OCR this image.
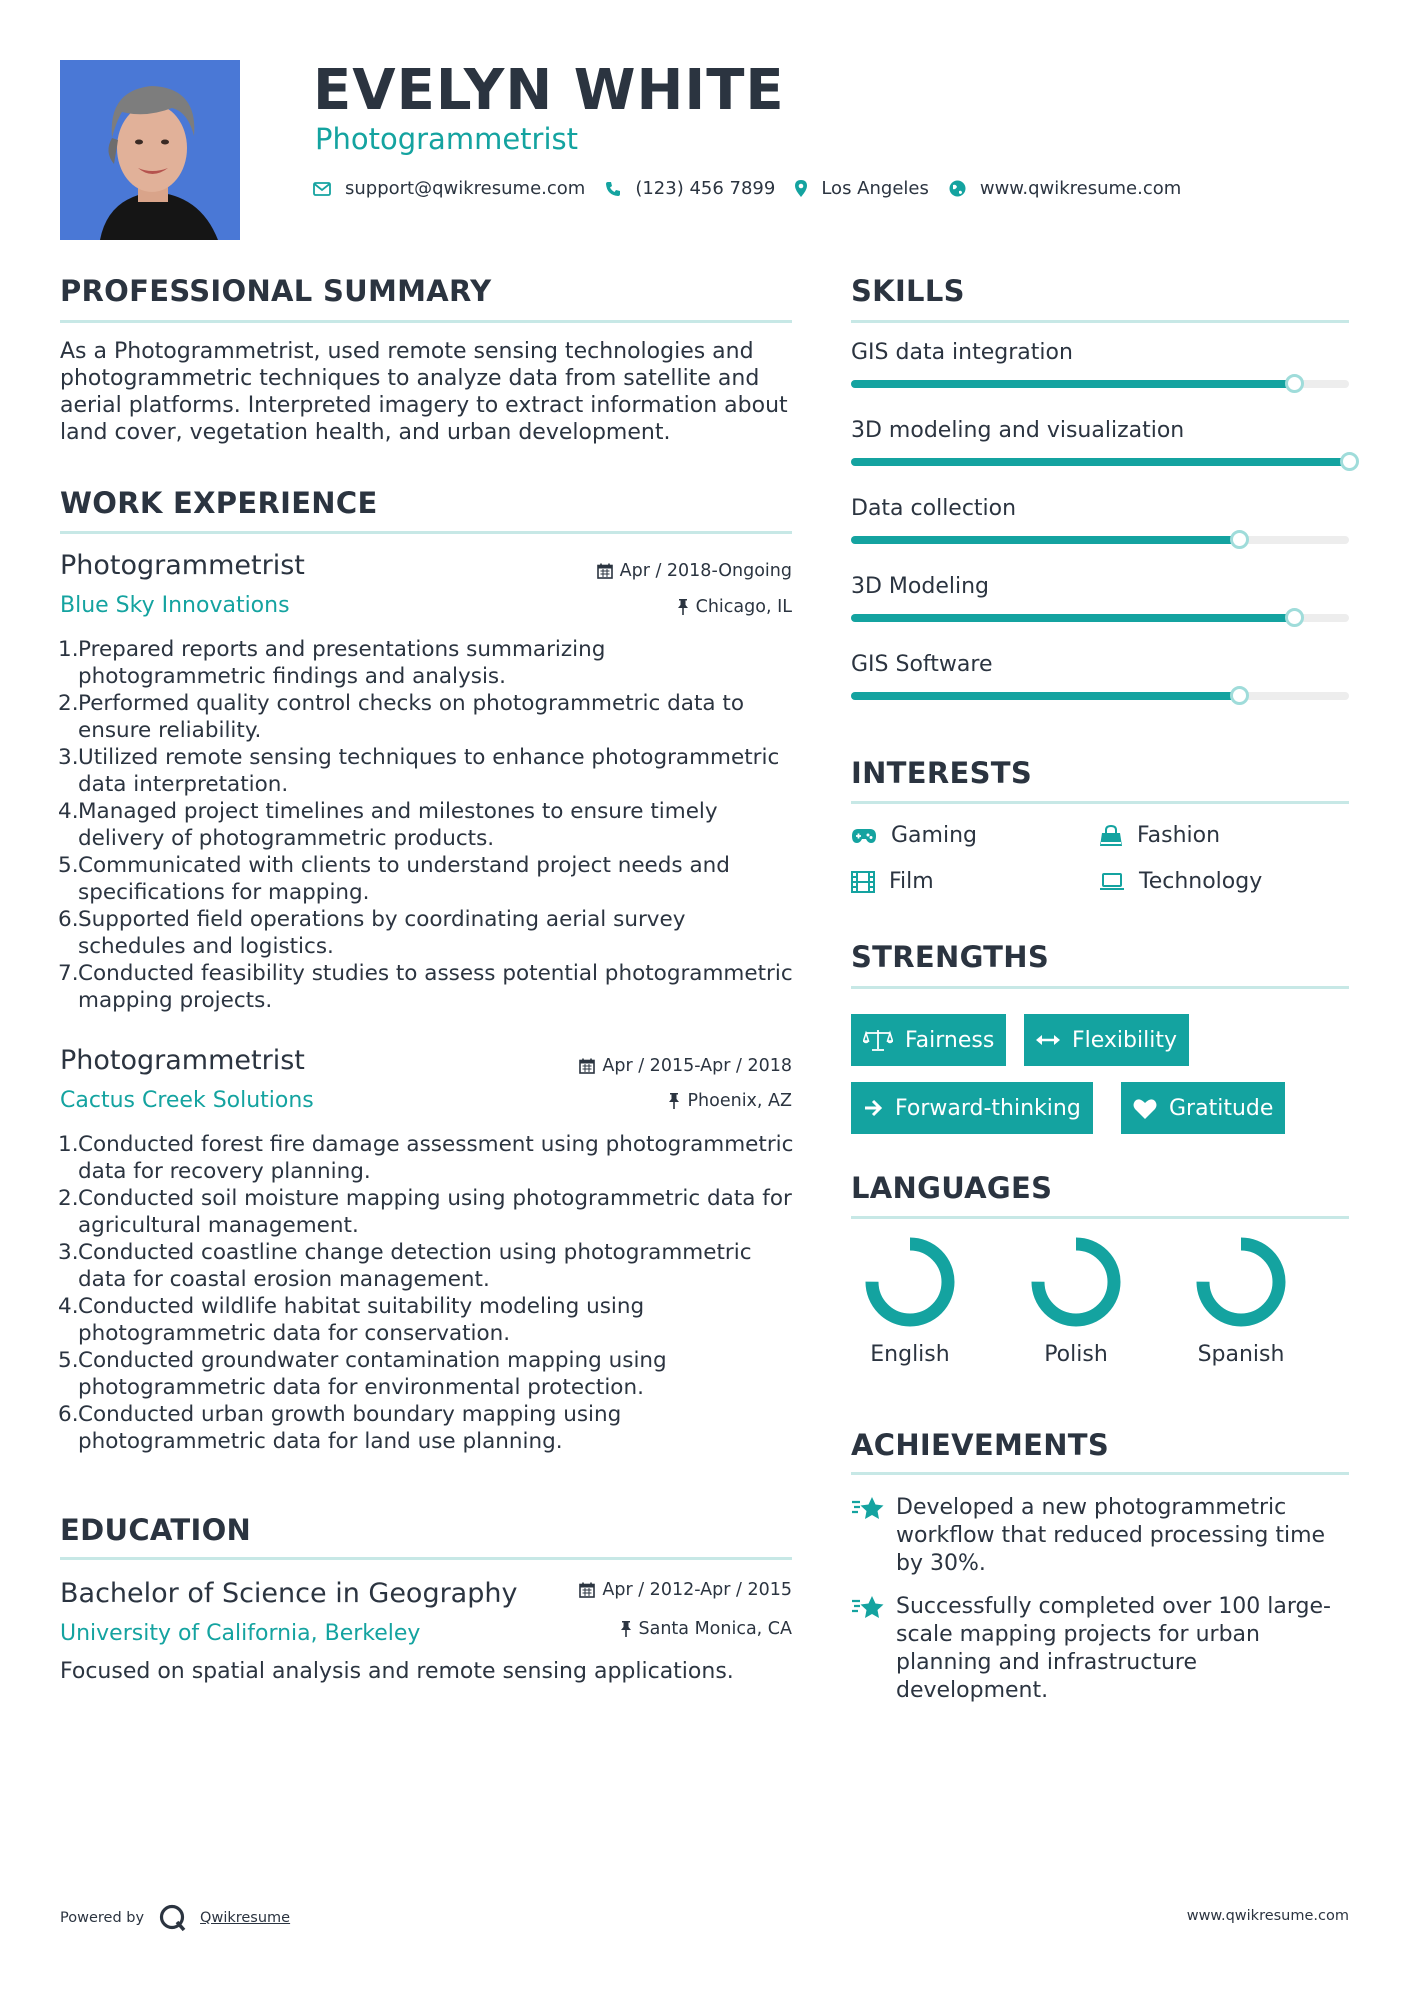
EVELYN WHITE
Photogrammetrist
support@qwikresume.com	(123) 456 7899	Los Angeles	www.qwikresume.com
PROFESSIONAL SUMMARY
As a Photogrammetrist, used remote sensing technologies and photogrammetric techniques to analyze data from satellite and aerial platforms. Interpreted imagery to extract information about land cover, vegetation health, and urban development.
WORK EXPERIENCE
Photogrammetrist	Apr / 2018-Ongoing
Blue Sky Innovations	Chicago, IL
Prepared reports and presentations summarizing photogrammetric findings and analysis.
Performed quality control checks on photogrammetric data to ensure reliability.
Utilized remote sensing techniques to enhance photogrammetric data interpretation.
Managed project timelines and milestones to ensure timely delivery of photogrammetric products.
Communicated with clients to understand project needs and specifications for mapping.
Supported field operations by coordinating aerial survey schedules and logistics.
Conducted feasibility studies to assess potential photogrammetric mapping projects.
Photogrammetrist	Apr / 2015-Apr / 2018
Cactus Creek Solutions	Phoenix, AZ
Conducted forest fire damage assessment using photogrammetric data for recovery planning.
Conducted soil moisture mapping using photogrammetric data for agricultural management.
Conducted coastline change detection using photogrammetric data for coastal erosion management.
Conducted wildlife habitat suitability modeling using photogrammetric data for conservation.
Conducted groundwater contamination mapping using photogrammetric data for environmental protection.
Conducted urban growth boundary mapping using photogrammetric data for land use planning.
EDUCATION
Bachelor of Science in Geography	Apr / 2012-Apr / 2015
University of California, Berkeley	Santa Monica, CA
Focused on spatial analysis and remote sensing applications.
SKILLS
GIS data integration
3D modeling and visualization
Data collection
3D Modeling
GIS Software
INTERESTS
Gaming	Fashion
Film	Technology
STRENGTHS
Fairness	Flexibility
Forward-thinking	Gratitude
LANGUAGES
English	Polish	Spanish
ACHIEVEMENTS
Developed a new photogrammetric workflow that reduced processing time by 30%.
Successfully completed over 100 large-scale mapping projects for urban planning and infrastructure development.
Powered by	Qwikresume	www.qwikresume.com
